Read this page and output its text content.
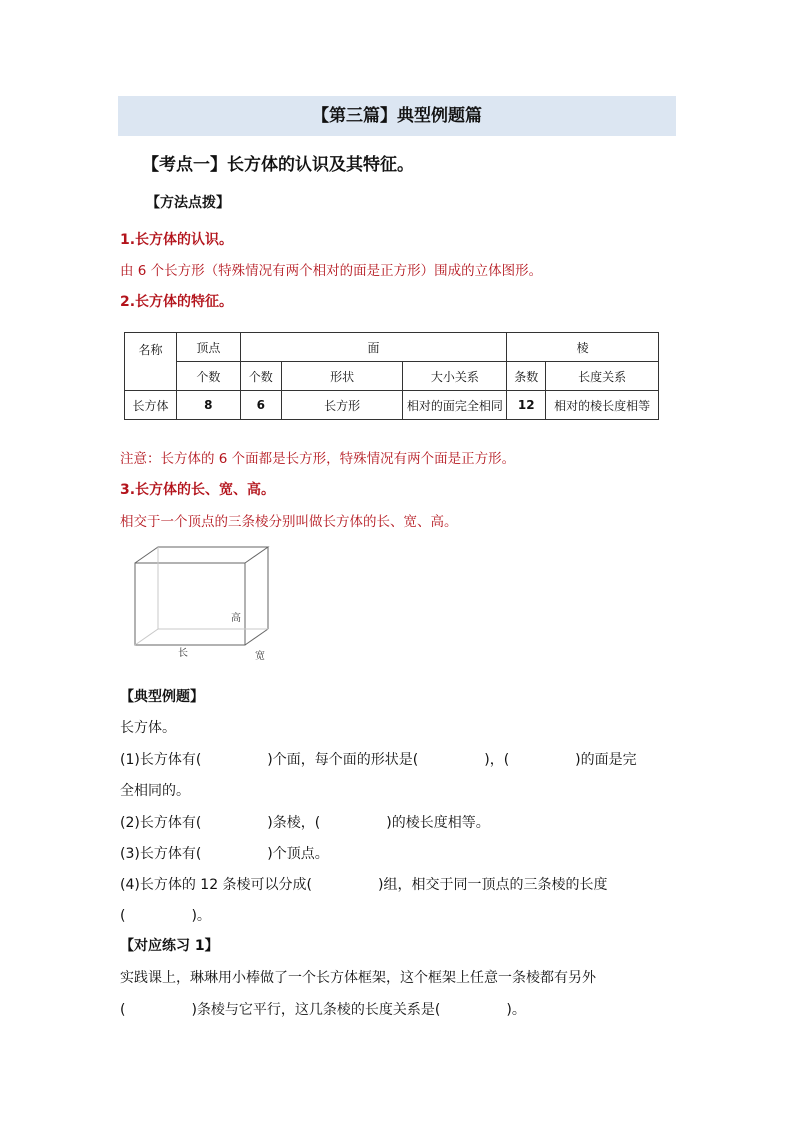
【第三篇】典型例题篇
【考点一】长方体的认识及其特征。
【方法点拨】
1.长方体的认识。
由 6 个长方形（特殊情况有两个相对的面是正方形）围成的立体图形。
2.长方体的特征。
名称	顶点	面			棱	
	个数	个数	形状	大小关系	条数	长度关系
长方体	8	6	长方形	相对的面完全相同	12	相对的棱长度相等
注意：长方体的 6 个面都是长方形，特殊情况有两个面是正方形。
3.长方体的长、宽、高。
相交于一个顶点的三条棱分别叫做长方体的长、宽、高。
高
长	宽
【典型例题】
长方体。
(1)长方体有(	)个面，每个面的形状是(	)，(	)的面是完
全相同的。
(2)长方体有(	)条棱，(	)的棱长度相等。
(3)长方体有(	)个顶点。
(4)长方体的 12 条棱可以分成(	)组，相交于同一顶点的三条棱的长度
(	)。
【对应练习 1】
实践课上，琳琳用小棒做了一个长方体框架，这个框架上任意一条棱都有另外
(	)条棱与它平行，这几条棱的长度关系是(	)。
